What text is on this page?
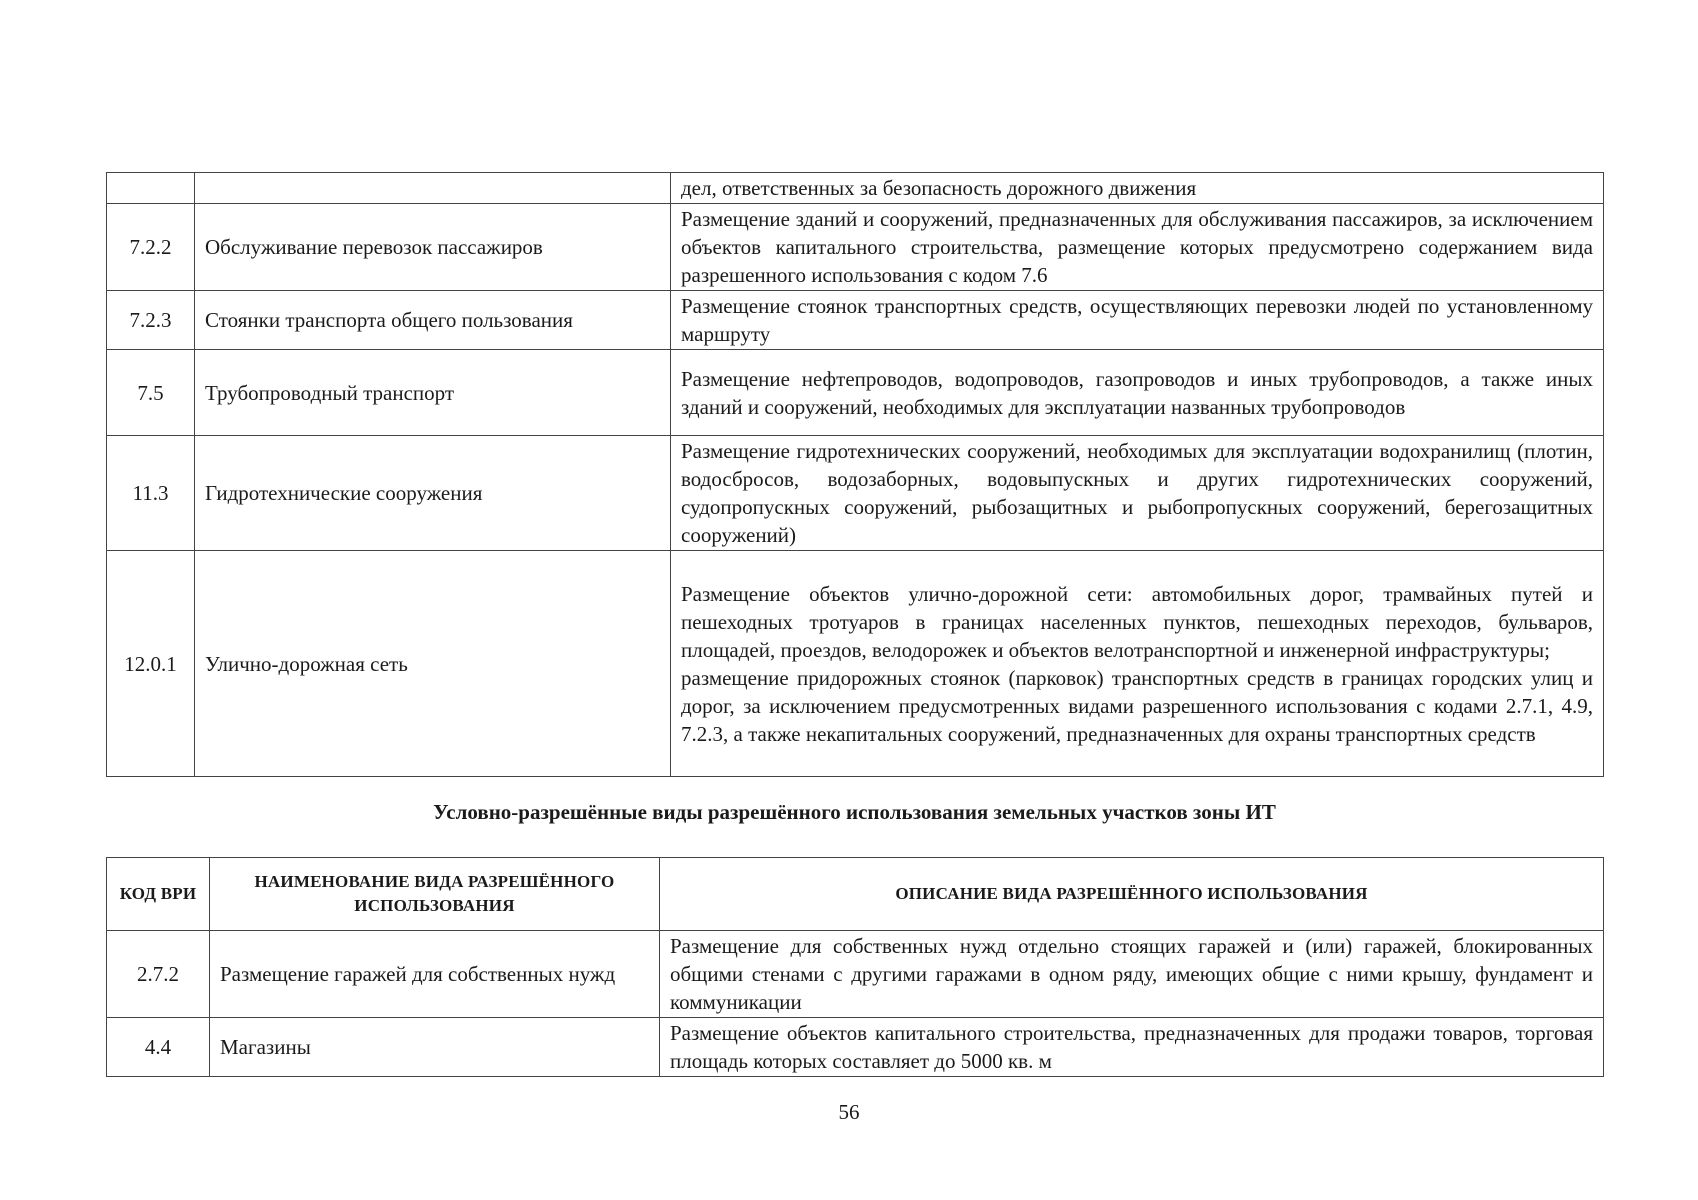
		дел, ответственных за безопасность дорожного движения

7.2.2	Обслуживание перевозок пассажиров	Размещение зданий и сооружений, предназначенных для обслуживания пассажиров, за исключением объектов капитального строительства, размещение которых предусмотрено содержанием вида разрешенного использования с кодом 7.6

7.2.3	Стоянки транспорта общего пользования	Размещение стоянок транспортных средств, осуществляющих перевозки людей по установленному маршруту

7.5	Трубопроводный транспорт	Размещение нефтепроводов, водопроводов, газопроводов и иных трубопроводов, а также иных зданий и сооружений, необходимых для эксплуатации названных трубопроводов

11.3	Гидротехнические сооружения	Размещение гидротехнических сооружений, необходимых для эксплуатации водохранилищ (плотин, водосбросов, водозаборных, водовыпускных и других гидротехнических сооружений, судопропускных сооружений, рыбозащитных и рыбопропускных сооружений, берегозащитных сооружений)

12.0.1	Улично-дорожная сеть	Размещение объектов улично-дорожной сети: автомобильных дорог, трамвайных путей и пешеходных тротуаров в границах населенных пунктов, пешеходных переходов, бульваров, площадей, проездов, велодорожек и объектов велотранспортной и инженерной инфраструктуры;
размещение придорожных стоянок (парковок) транспортных средств в границах городских улиц и дорог, за исключением предусмотренных видами разрешенного использования с кодами 2.7.1, 4.9, 7.2.3, а также некапитальных сооружений, предназначенных для охраны транспортных средств
Условно-разрешённые виды разрешённого использования земельных участков зоны ИТ
КОД ВРИ	НАИМЕНОВАНИЕ ВИДА РАЗРЕШЁННОГО ИСПОЛЬЗОВАНИЯ	ОПИСАНИЕ ВИДА РАЗРЕШЁННОГО ИСПОЛЬЗОВАНИЯ
2.7.2	Размещение гаражей для собственных нужд	Размещение для собственных нужд отдельно стоящих гаражей и (или) гаражей, блокированных общими стенами с другими гаражами в одном ряду, имеющих общие с ними крышу, фундамент и коммуникации

4.4	Магазины	Размещение объектов капитального строительства, предназначенных для продажи товаров, торговая площадь которых составляет до 5000 кв. м
56
